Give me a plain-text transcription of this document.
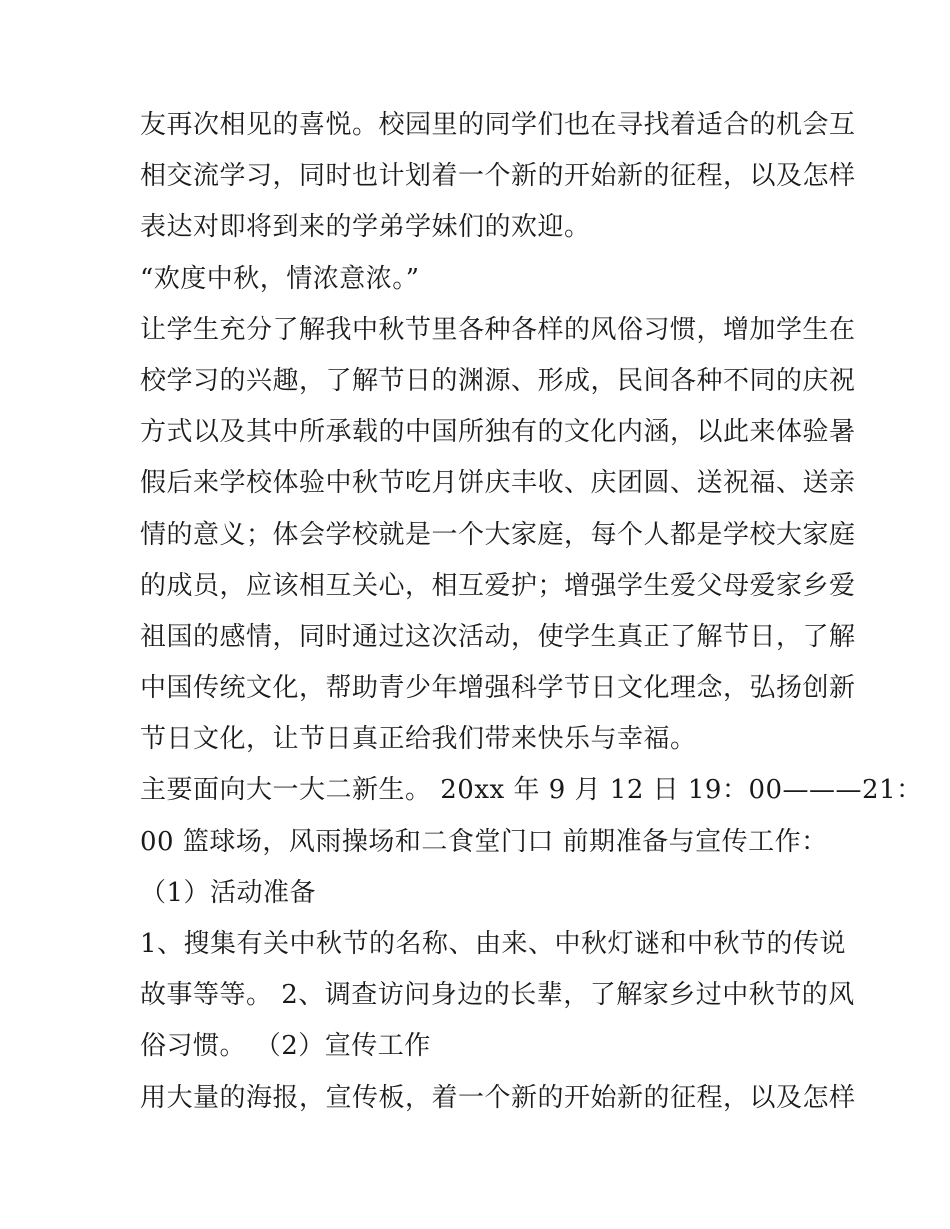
友再次相见的喜悦。校园里的同学们也在寻找着适合的机会互
相交流学习，同时也计划着一个新的开始新的征程，以及怎样
表达对即将到来的学弟学妹们的欢迎。
“欢度中秋，情浓意浓。”
让学生充分了解我中秋节里各种各样的风俗习惯，增加学生在
校学习的兴趣，了解节日的渊源、形成，民间各种不同的庆祝
方式以及其中所承载的中国所独有的文化内涵，以此来体验暑
假后来学校体验中秋节吃月饼庆丰收、庆团圆、送祝福、送亲
情的意义；体会学校就是一个大家庭，每个人都是学校大家庭
的成员，应该相互关心，相互爱护；增强学生爱父母爱家乡爱
祖国的感情，同时通过这次活动，使学生真正了解节日，了解
中国传统文化，帮助青少年增强科学节日文化理念，弘扬创新
节日文化，让节日真正给我们带来快乐与幸福。
主要面向大一大二新生。 20xx 年 9 月 12 日 19：00———21：
00 篮球场，风雨操场和二食堂门口 前期准备与宣传工作：
（1）活动准备
1、搜集有关中秋节的名称、由来、中秋灯谜和中秋节的传说
故事等等。 2、调查访问身边的长辈，了解家乡过中秋节的风
俗习惯。 （2）宣传工作
用大量的海报，宣传板，着一个新的开始新的征程，以及怎样
